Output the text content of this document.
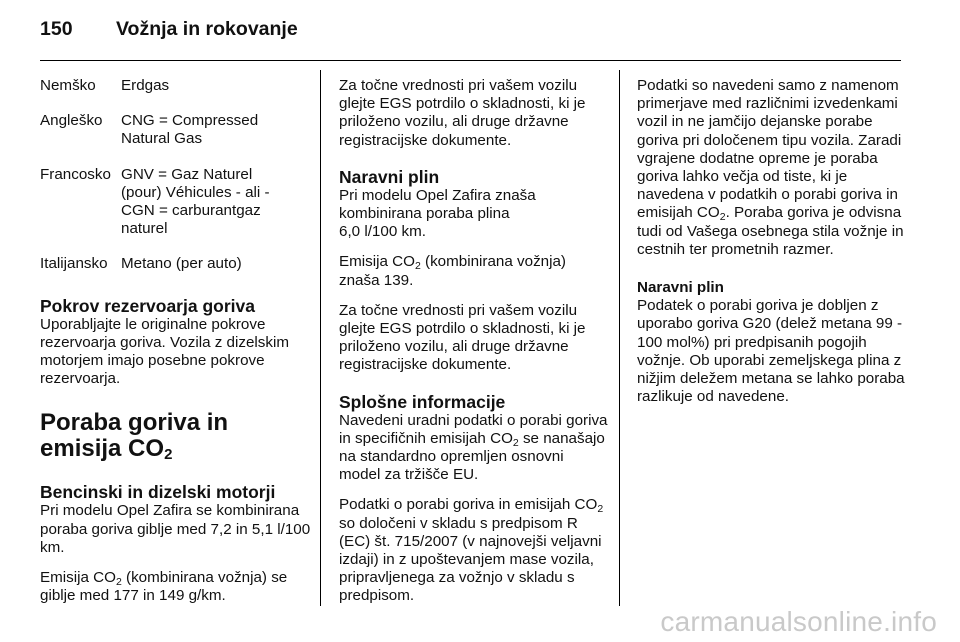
150 Vožnja in rokovanje
Nemško	Erdgas
Angleško	CNG = Compressed
Natural Gas
Francosko GNV = Gaz Naturel
(pour) Véhicules - ali -
CGN = carburantgaz
naturel
Italijansko Metano (per auto)
Pokrov rezervoarja goriva

Uporabljajte le originalne pokrove rezervoarja goriva. Vozila z dizelskim motorjem imajo posebne pokrove rezervoarja.

Poraba goriva in
emisija $CO_2$
Bencinski in dizelski motorji

Pri modelu Opel Zafira se kombinirana poraba goriva giblje med 7,2 in 5,1 l/100 km.

Emisija $CO_2$ (kombinirana vožnja) se giblje med 177 in 149 g/km.

Za točne vrednosti pri vašem vozilu glejte EGS potrdilo o skladnosti, ki je priloženo vozilu, ali druge državne registracijske dokumente.

Naravni plin

Pri modelu Opel Zafira znaša
kombinirana poraba plina
6,0 l/100 km.

Emisija $CO_2$ (kombinirana vožnja) znaša 139.

Za točne vrednosti pri vašem vozilu glejte EGS potrdilo o skladnosti, ki je priloženo vozilu, ali druge državne registracijske dokumente.

Splošne informacije

Navedeni uradni podatki o porabi goriva in specifičnih emisijah $CO_2$ se nanašajo na standardno opremljen osnovni model za tržišče EU.

Podatki o porabi goriva in emisijah $CO_2$ so določeni v skladu s predpisom R (EC) št. 715/2007 (v najnovejši veljavni izdaji) in z upoštevanjem mase vozila, pripravljenega za vožnjo v skladu s predpisom.

Podatki so navedeni samo z namenom primerjave med različnimi izvedenkami vozil in ne jamčijo dejanske porabe goriva pri določenem tipu vozila. Zaradi vgrajene dodatne opreme je poraba goriva lahko večja od tiste, ki je navedena v podatkih o porabi goriva in emisijah $CO_2$. Poraba goriva je odvisna tudi od Vašega osebnega stila vožnje in cestnih ter prometnih razmer.

Naravni plin

Podatek o porabi goriva je dobljen z uporabo goriva G20 (delež metana 99 - 100 mol%) pri predpisanih pogojih vožnje. Ob uporabi zemeljskega plina z nižjim deležem metana se lahko poraba razlikuje od navedene.

carmanualsonline.info
